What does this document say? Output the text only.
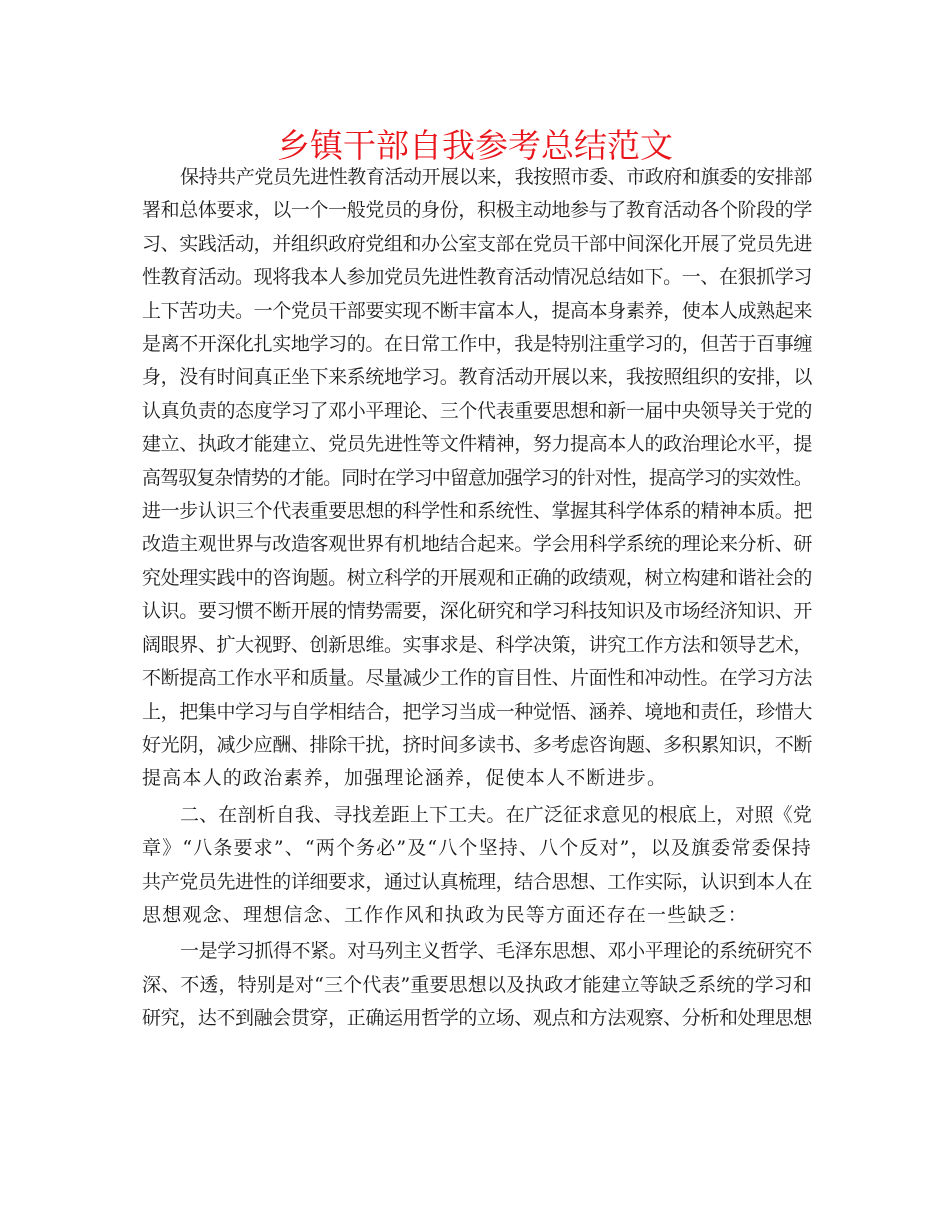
乡镇干部自我参考总结范文
保持共产党员先进性教育活动开展以来，我按照市委、市政府和旗委的安排部
署和总体要求，以一个一般党员的身份，积极主动地参与了教育活动各个阶段的学
习、实践活动，并组织政府党组和办公室支部在党员干部中间深化开展了党员先进
性教育活动。现将我本人参加党员先进性教育活动情况总结如下。一、在狠抓学习
上下苦功夫。一个党员干部要实现不断丰富本人，提高本身素养，使本人成熟起来
是离不开深化扎实地学习的。在日常工作中，我是特别注重学习的，但苦于百事缠
身，没有时间真正坐下来系统地学习。教育活动开展以来，我按照组织的安排，以
认真负责的态度学习了邓小平理论、三个代表重要思想和新一届中央领导关于党的
建立、执政才能建立、党员先进性等文件精神，努力提高本人的政治理论水平，提
高驾驭复杂情势的才能。同时在学习中留意加强学习的针对性，提高学习的实效性。
进一步认识三个代表重要思想的科学性和系统性、掌握其科学体系的精神本质。把
改造主观世界与改造客观世界有机地结合起来。学会用科学系统的理论来分析、研
究处理实践中的咨询题。树立科学的开展观和正确的政绩观，树立构建和谐社会的
认识。要习惯不断开展的情势需要，深化研究和学习科技知识及市场经济知识、开
阔眼界、扩大视野、创新思维。实事求是、科学决策，讲究工作方法和领导艺术，
不断提高工作水平和质量。尽量减少工作的盲目性、片面性和冲动性。在学习方法
上，把集中学习与自学相结合，把学习当成一种觉悟、涵养、境地和责任，珍惜大
好光阴，减少应酬、排除干扰，挤时间多读书、多考虑咨询题、多积累知识，不断
提高本人的政治素养，加强理论涵养，促使本人不断进步。
二、在剖析自我、寻找差距上下工夫。在广泛征求意见的根底上，对照《党
章》“八条要求”、“两个务必”及“八个坚持、八个反对”，以及旗委常委保持
共产党员先进性的详细要求，通过认真梳理，结合思想、工作实际，认识到本人在
思想观念、理想信念、工作作风和执政为民等方面还存在一些缺乏：
一是学习抓得不紧。对马列主义哲学、毛泽东思想、邓小平理论的系统研究不
深、不透，特别是对“三个代表”重要思想以及执政才能建立等缺乏系统的学习和
研究，达不到融会贯穿，正确运用哲学的立场、观点和方法观察、分析和处理思想
